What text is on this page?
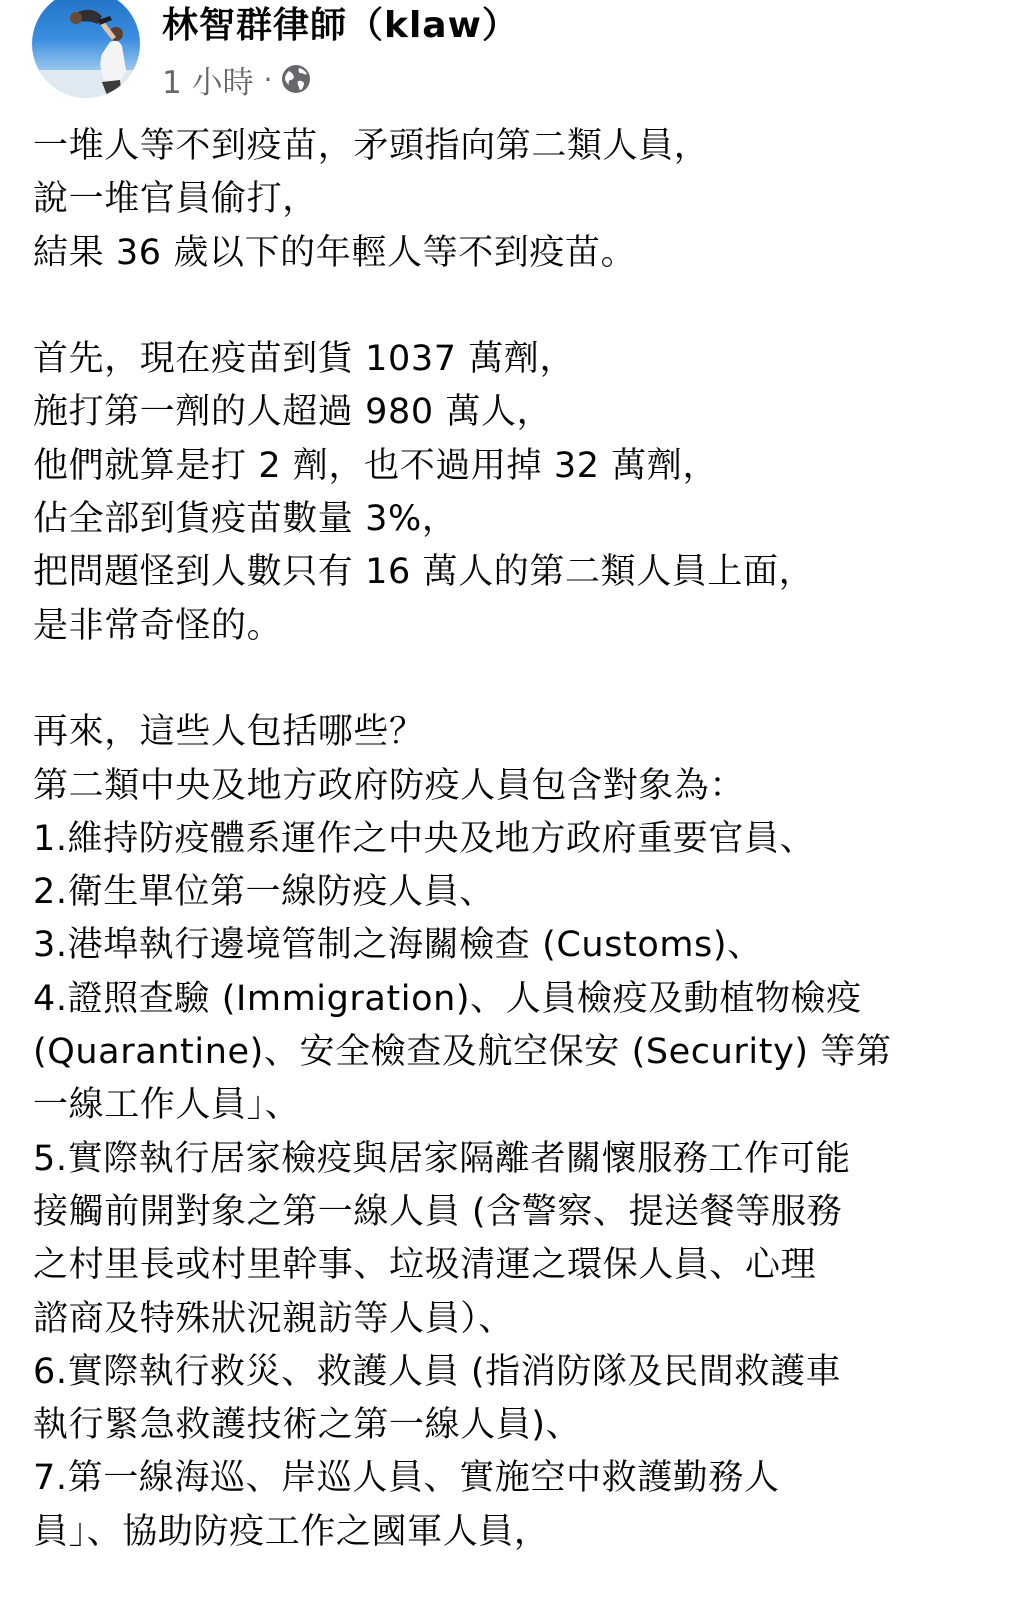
林智群律師（klaw）
1 小時 ·

一堆人等不到疫苗，矛頭指向第二類人員，

說一堆官員偷打，

結果 36 歲以下的年輕人等不到疫苗。

首先，現在疫苗到貨 1037 萬劑，

施打第一劑的人超過 980 萬人，

他們就算是打 2 劑，也不過用掉 32 萬劑，

佔全部到貨疫苗數量 3%，

把問題怪到人數只有 16 萬人的第二類人員上面，

是非常奇怪的。

再來，這些人包括哪些？

第二類中央及地方政府防疫人員包含對象為：

1.維持防疫體系運作之中央及地方政府重要官員、

2.衛生單位第一線防疫人員、

3.港埠執行邊境管制之海關檢查 (Customs)、

4.證照查驗 (Immigration)、人員檢疫及動植物檢疫

(Quarantine)、安全檢查及航空保安 (Security) 等第

一線工作人員」、

5.實際執行居家檢疫與居家隔離者關懷服務工作可能

接觸前開對象之第一線人員 (含警察、提送餐等服務

之村里長或村里幹事、垃圾清運之環保人員、心理

諮商及特殊狀況親訪等人員）、

6.實際執行救災、救護人員 (指消防隊及民間救護車

執行緊急救護技術之第一線人員)、

7.第一線海巡、岸巡人員、實施空中救護勤務人

員」、協助防疫工作之國軍人員，
